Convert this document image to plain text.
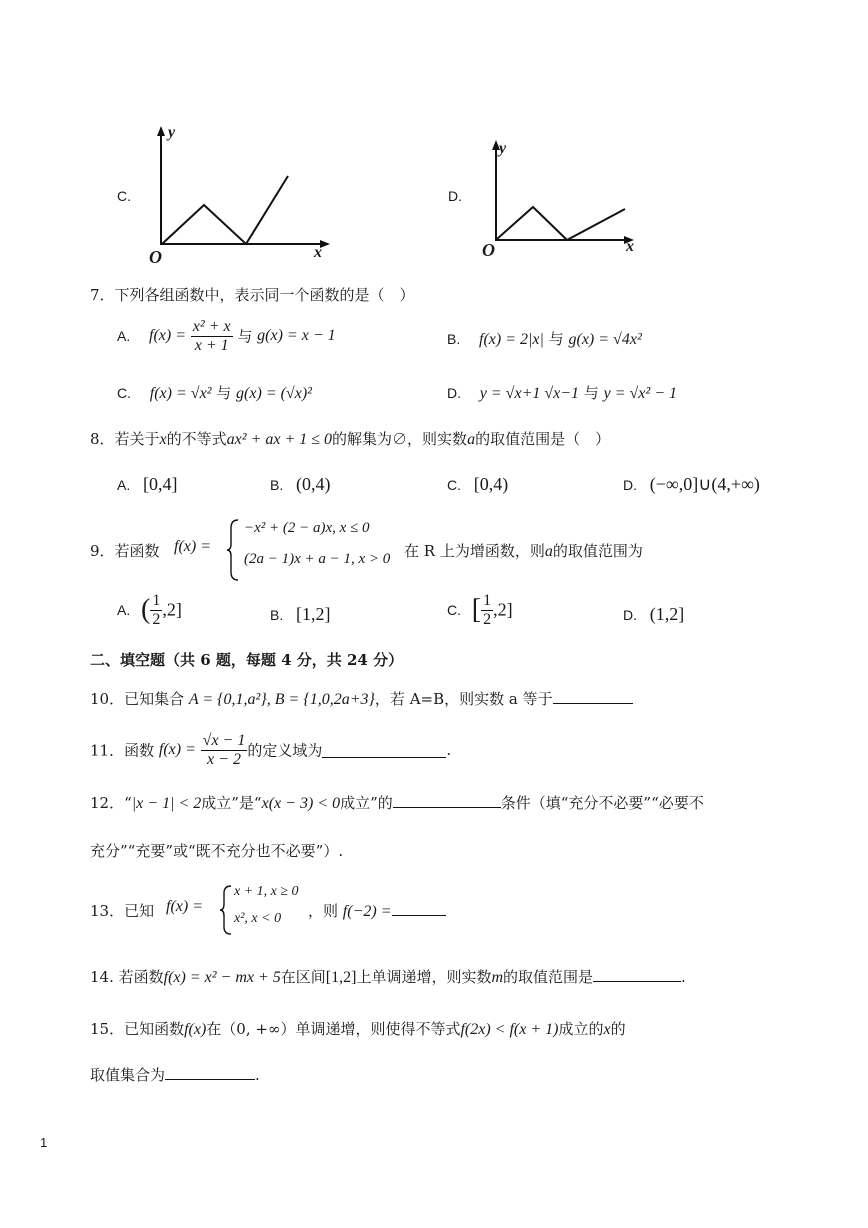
C.
y
x
O
D.
y
x
O
7．下列各组函数中，表示同一个函数的是（　）
A. $f(x) = \frac{\text{x² + x}}{x + 1}$ 与 g(x) = x − 1	B. f(x) = 2|x| 与 g(x) = √4x²
C. f(x) = √x² 与 g(x) = (√x)²	D. y = √x+1 √x−1 与 y = √x² − 1
8．若关于x的不等式ax² + ax + 1 ≤ 0的解集为∅，则实数a的取值范围是（　）
A. [0,4]	B. (0,4)	C. [0,4)	D. (−∞,0]∪(4,+∞)
9．若函数 f(x) =
−x² + (2 − a)x, x ≤ 0
(2a − 1)x + a − 1, x > 0 在 R 上为增函数，则a的取值范围为
A. ( $\frac{1}{2} ,2$]	B. [1,2]	C. [ $\frac{1}{2} ,2$]	D. (1,2]
二、填空题（共 6 题，每题 4 分，共 24 分）
10．已知集合 A = {0,1,a²}, B = {1,0,2a+3}，若 A=B，则实数 a 等于
11．函数 $f(x) = \frac{√x - 1}{x - 2}$ 的定义域为	.
12．“|x − 1| < 2成立”是“x(x − 3) < 0成立”的	条件（填“充分不必要”“必要不
充分”“充要”或“既不充分也不必要”）.
13．已知 f(x) =
x + 1, x ≥ 0
x², x < 0 ，则 f(−2) =
14. 若函数f(x) = x² − mx + 5在区间[1,2]上单调递增，则实数m的取值范围是	.
15．已知函数f(x)在（0, +∞）单调递增，则使得不等式f(2x) < f(x + 1)成立的x的
取值集合为	.
1
